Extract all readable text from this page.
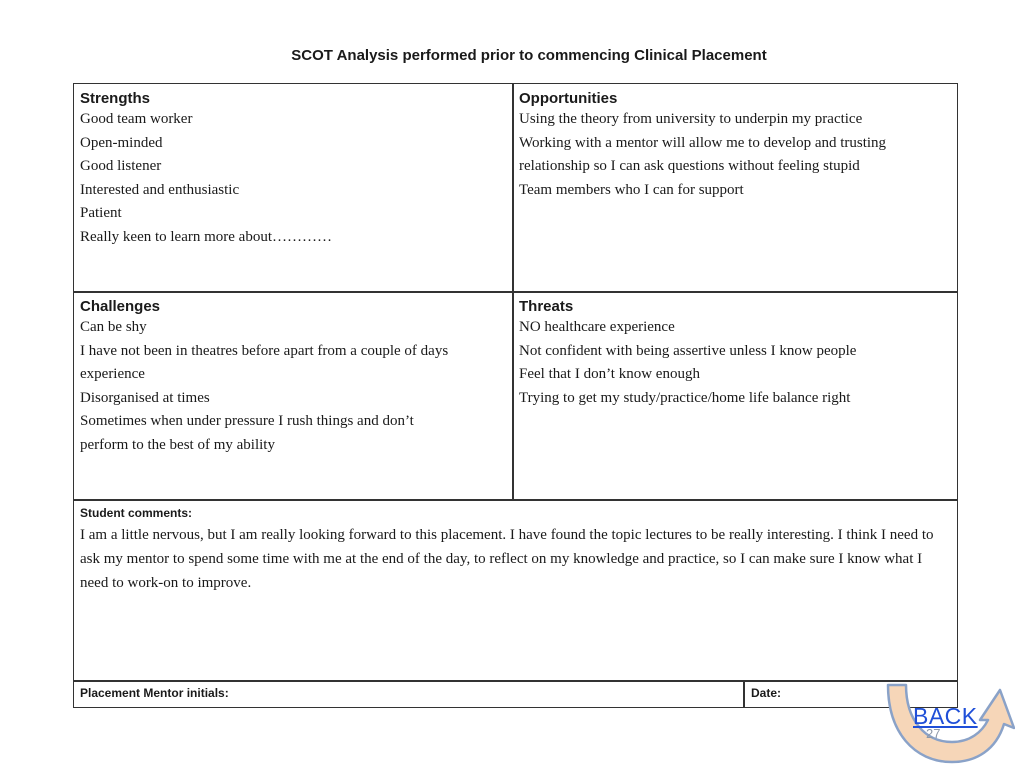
SCOT Analysis performed prior to commencing Clinical Placement
Strengths
Good team worker
Open-minded
Good listener
Interested and enthusiastic
Patient
Really keen to learn more about…………
Opportunities
Using the theory from university to underpin my practice
Working with a mentor will allow me to develop and trusting
relationship so I can ask questions without feeling stupid
Team members who I can for support
Challenges
Can be shy
I have not been in theatres before apart from a couple of days
experience
Disorganised at times
Sometimes when under pressure I rush things and don’t
perform to the best of my ability
Threats
NO healthcare experience
Not confident with being assertive unless I know people
Feel that I don’t know enough
Trying to get my study/practice/home life balance right
Student comments:
I am a little nervous, but I am really looking forward to this placement. I have found the topic lectures to be really interesting. I think I need to ask my mentor to spend some time with me at the end of the day, to reflect on my knowledge and practice, so I can make sure I know what I need to work-on to improve.
Placement Mentor initials:	Date:
BACK
27
